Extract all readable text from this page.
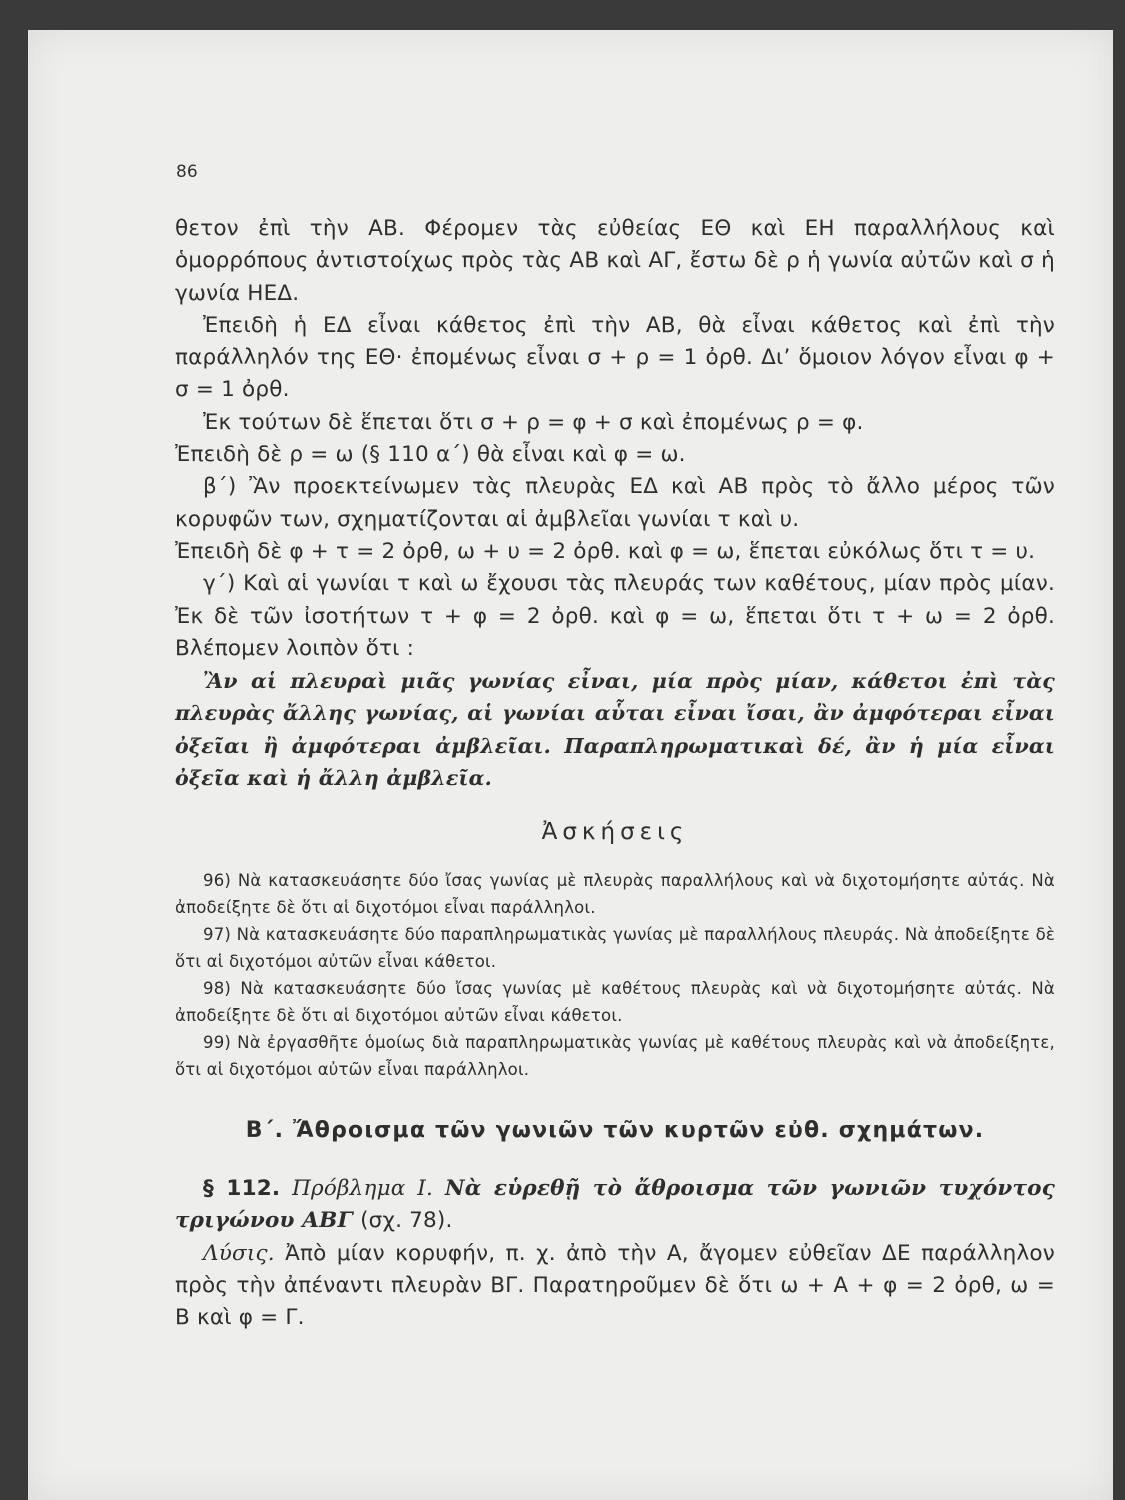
86

θετον ἐπὶ τὴν ΑΒ. Φέρομεν τὰς εὐθείας ΕΘ καὶ ΕΗ παραλλήλους καὶ ὁμορρόπους ἀντιστοίχως πρὸς τὰς ΑΒ καὶ ΑΓ, ἔστω δὲ ρ ἡ γωνία αὐτῶν καὶ σ ἡ γωνία ΗΕΔ.

Ἐπειδὴ ἡ ΕΔ εἶναι κάθετος ἐπὶ τὴν ΑΒ, θὰ εἶναι κάθετος καὶ ἐπὶ τὴν παράλληλόν της ΕΘ· ἐπομένως εἶναι σ + ρ = 1 ὀρθ. Δι’ ὅμοιον λόγον εἶναι φ + σ = 1 ὀρθ.

Ἐκ τούτων δὲ ἕπεται ὅτι σ + ρ = φ + σ καὶ ἐπομένως ρ = φ.

Ἐπειδὴ δὲ ρ = ω (§ 110 α΄) θὰ εἶναι καὶ φ = ω.

β΄) Ἂν προεκτείνωμεν τὰς πλευρὰς ΕΔ καὶ ΑΒ πρὸς τὸ ἄλλο μέρος τῶν κορυφῶν των, σχηματίζονται αἱ ἀμβλεῖαι γωνίαι τ καὶ υ.

Ἐπειδὴ δὲ φ + τ = 2 ὀρθ, ω + υ = 2 ὀρθ. καὶ φ = ω, ἕπεται εὐκόλως ὅτι τ = υ.

γ΄) Καὶ αἱ γωνίαι τ καὶ ω ἔχουσι τὰς πλευράς των καθέτους, μίαν πρὸς μίαν. Ἐκ δὲ τῶν ἰσοτήτων τ + φ = 2 ὀρθ. καὶ φ = ω, ἕπεται ὅτι τ + ω = 2 ὀρθ. Βλέπομεν λοιπὸν ὅτι :

Ἂν αἱ πλευραὶ μιᾶς γωνίας εἶναι, μία πρὸς μίαν, κάθετοι ἐπὶ τὰς πλευρὰς ἄλλης γωνίας, αἱ γωνίαι αὗται εἶναι ἴσαι, ἂν ἀμφότεραι εἶναι ὀξεῖαι ἢ ἀμφότεραι ἀμβλεῖαι. Παραπληρωματικαὶ δέ, ἂν ἡ μία εἶναι ὀξεῖα καὶ ἡ ἄλλη ἀμβλεῖα.

Ἀσκήσεις

96) Νὰ κατασκευάσητε δύο ἴσας γωνίας μὲ πλευρὰς παραλλήλους καὶ νὰ διχοτομήσητε αὐτάς. Νὰ ἀποδείξητε δὲ ὅτι αἱ διχοτόμοι εἶναι παράλληλοι.

97) Νὰ κατασκευάσητε δύο παραπληρωματικὰς γωνίας μὲ παραλλήλους πλευράς. Νὰ ἀποδείξητε δὲ ὅτι αἱ διχοτόμοι αὐτῶν εἶναι κάθετοι.

98) Νὰ κατασκευάσητε δύο ἴσας γωνίας μὲ καθέτους πλευρὰς καὶ νὰ διχοτομήσητε αὐτάς. Νὰ ἀποδείξητε δὲ ὅτι αἱ διχοτόμοι αὐτῶν εἶναι κάθετοι.

99) Νὰ ἐργασθῆτε ὁμοίως διὰ παραπληρωματικὰς γωνίας μὲ καθέτους πλευρὰς καὶ νὰ ἀποδείξητε, ὅτι αἱ διχοτόμοι αὐτῶν εἶναι παράλληλοι.

Β΄. Ἄθροισμα τῶν γωνιῶν τῶν κυρτῶν εὐθ. σχημάτων.

§ 112. Πρόβλημα Ι. Νὰ εὑρεθῇ τὸ ἄθροισμα τῶν γωνιῶν τυχόντος τριγώνου ΑΒΓ (σχ. 78).

Λύσις. Ἀπὸ μίαν κορυφήν, π. χ. ἀπὸ τὴν Α, ἄγομεν εὐθεῖαν ΔΕ παράλληλον πρὸς τὴν ἀπέναντι πλευρὰν ΒΓ. Παρατηροῦμεν δὲ ὅτι ω + Α + φ = 2 ὀρθ, ω = Β καὶ φ = Γ.
